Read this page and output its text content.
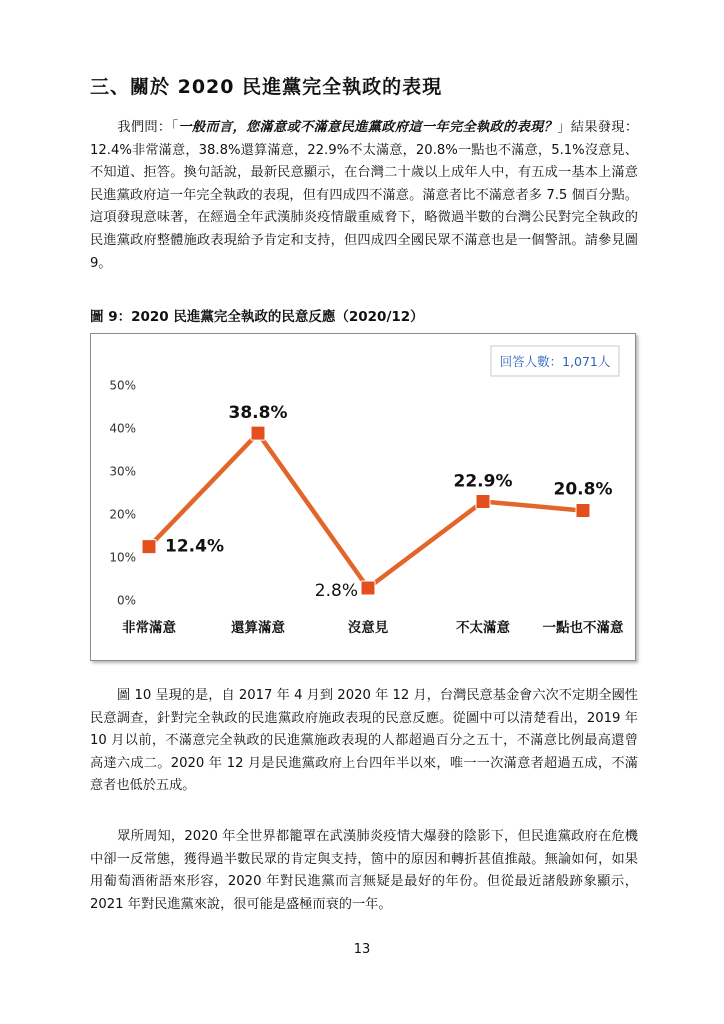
三、關於 2020 民進黨完全執政的表現

我們問：「一般而言，您滿意或不滿意民進黨政府這一年完全執政的表現？」結果發現：12.4%非常滿意，38.8%還算滿意，22.9%不太滿意，20.8%一點也不滿意，5.1%沒意見、不知道、拒答。換句話說，最新民意顯示，在台灣二十歲以上成年人中，有五成一基本上滿意民進黨政府這一年完全執政的表現，但有四成四不滿意。滿意者比不滿意者多 7.5 個百分點。這項發現意味著，在經過全年武漢肺炎疫情嚴重威脅下，略微過半數的台灣公民對完全執政的民進黨政府整體施政表現給予肯定和支持，但四成四全國民眾不滿意也是一個警訊。請參見圖 9。

圖 9：2020 民進黨完全執政的民意反應（2020/12）
回答人數：1,071人
0%
10%
20%
30%
40%
50%
12.4%
38.8%
2.8%
22.9% 20.8%
非常滿意	還算滿意	沒意見	不太滿意 一點也不滿意

圖 10 呈現的是，自 2017 年 4 月到 2020 年 12 月，台灣民意基金會六次不定期全國性民意調查，針對完全執政的民進黨政府施政表現的民意反應。從圖中可以清楚看出，2019 年 10 月以前，不滿意完全執政的民進黨施政表現的人都超過百分之五十，不滿意比例最高還曾高達六成二。2020 年 12 月是民進黨政府上台四年半以來，唯一一次滿意者超過五成，不滿意者也低於五成。

眾所周知，2020 年全世界都籠罩在武漢肺炎疫情大爆發的陰影下，但民進黨政府在危機中卻一反常態，獲得過半數民眾的肯定與支持，箇中的原因和轉折甚值推敲。無論如何，如果用葡萄酒術語來形容，2020 年對民進黨而言無疑是最好的年份。但從最近諸般跡象顯示，2021 年對民進黨來說，很可能是盛極而衰的一年。

13
